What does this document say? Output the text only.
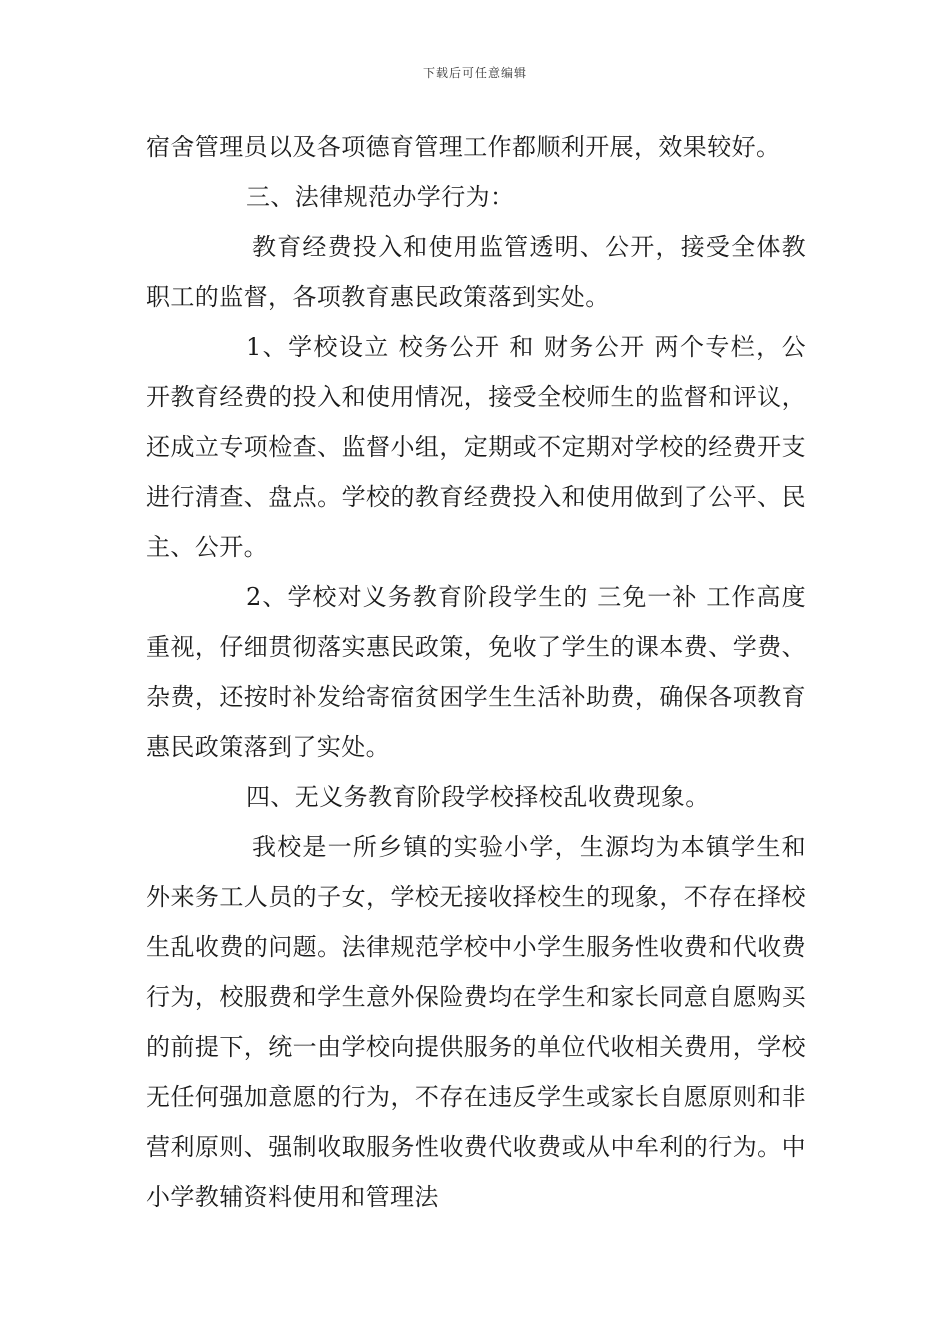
下载后可任意编辑

宿舍管理员以及各项德育管理工作都顺利开展，效果较好。

三、法律规范办学行为：

教育经费投入和使用监管透明、公开，接受全体教职工的监督，各项教育惠民政策落到实处。

1、学校设立 校务公开 和 财务公开 两个专栏，公开教育经费的投入和使用情况，接受全校师生的监督和评议，还成立专项检查、监督小组，定期或不定期对学校的经费开支进行清查、盘点。学校的教育经费投入和使用做到了公平、民主、公开。

2、学校对义务教育阶段学生的 三免一补 工作高度重视，仔细贯彻落实惠民政策，免收了学生的课本费、学费、杂费，还按时补发给寄宿贫困学生生活补助费，确保各项教育惠民政策落到了实处。

四、无义务教育阶段学校择校乱收费现象。

我校是一所乡镇的实验小学，生源均为本镇学生和外来务工人员的子女，学校无接收择校生的现象，不存在择校生乱收费的问题。法律规范学校中小学生服务性收费和代收费行为，校服费和学生意外保险费均在学生和家长同意自愿购买的前提下，统一由学校向提供服务的单位代收相关费用，学校无任何强加意愿的行为，不存在违反学生或家长自愿原则和非营利原则、强制收取服务性收费代收费或从中牟利的行为。中小学教辅资料使用和管理法
